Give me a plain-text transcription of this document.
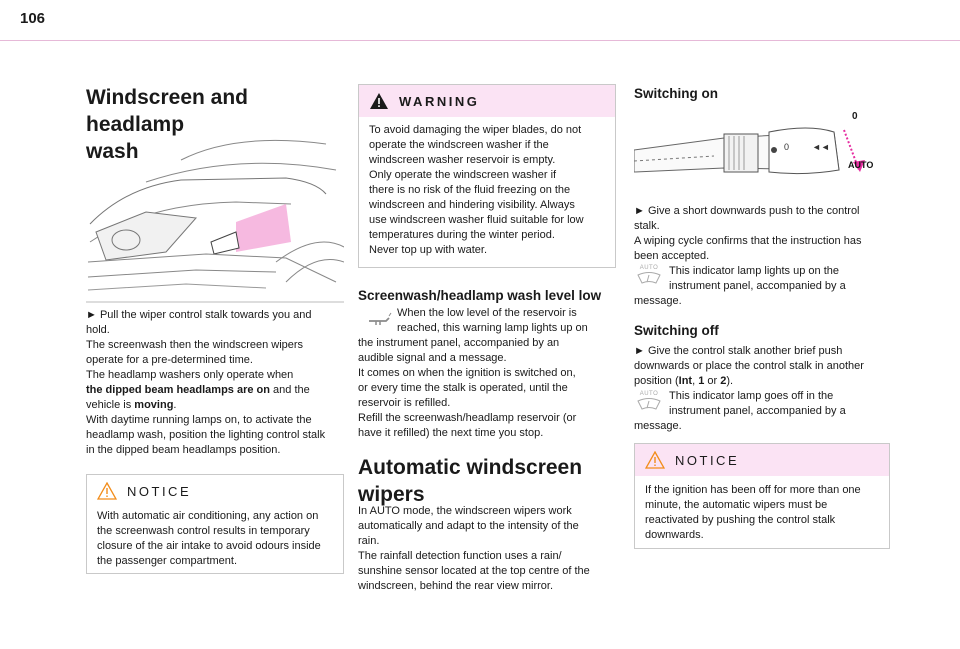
106
Windscreen and headlamp
wash
► Pull the wiper control stalk towards you and
hold.
The screenwash then the windscreen wipers
operate for a pre-determined time.
The headlamp washers only operate when
the dipped beam headlamps are on and the
vehicle is moving.
With daytime running lamps on, to activate the
headlamp wash, position the lighting control stalk
in the dipped beam headlamps position.
NOTICE
With automatic air conditioning, any action on
the screenwash control results in temporary
closure of the air intake to avoid odours inside
the passenger compartment.
WARNING
To avoid damaging the wiper blades, do not
operate the windscreen washer if the
windscreen washer reservoir is empty.
Only operate the windscreen washer if
there is no risk of the fluid freezing on the
windscreen and hindering visibility. Always
use windscreen washer fluid suitable for low
temperatures during the winter period.
Never top up with water.
Screenwash/headlamp wash level low
When the low level of the reservoir is
reached, this warning lamp lights up on
the instrument panel, accompanied by an
audible signal and a message.
It comes on when the ignition is switched on,
or every time the stalk is operated, until the
reservoir is refilled.
Refill the screenwash/headlamp reservoir (or
have it refilled) the next time you stop.
Automatic windscreen
wipers
In AUTO mode, the windscreen wipers work
automatically and adapt to the intensity of the
rain.
The rainfall detection function uses a rain/
sunshine sensor located at the top centre of the
windscreen, behind the rear view mirror.
Switching on
0	◄◄
AUTO
0
► Give a short downwards push to the control
stalk.
A wiping cycle confirms that the instruction has
been accepted.
This indicator lamp lights up on the
instrument panel, accompanied by a
message.
AUTO
Switching off
► Give the control stalk another brief push
downwards or place the control stalk in another
position (Int, 1 or 2).
This indicator lamp goes off in the
instrument panel, accompanied by a
message.
AUTO
NOTICE
If the ignition has been off for more than one
minute, the automatic wipers must be
reactivated by pushing the control stalk
downwards.
